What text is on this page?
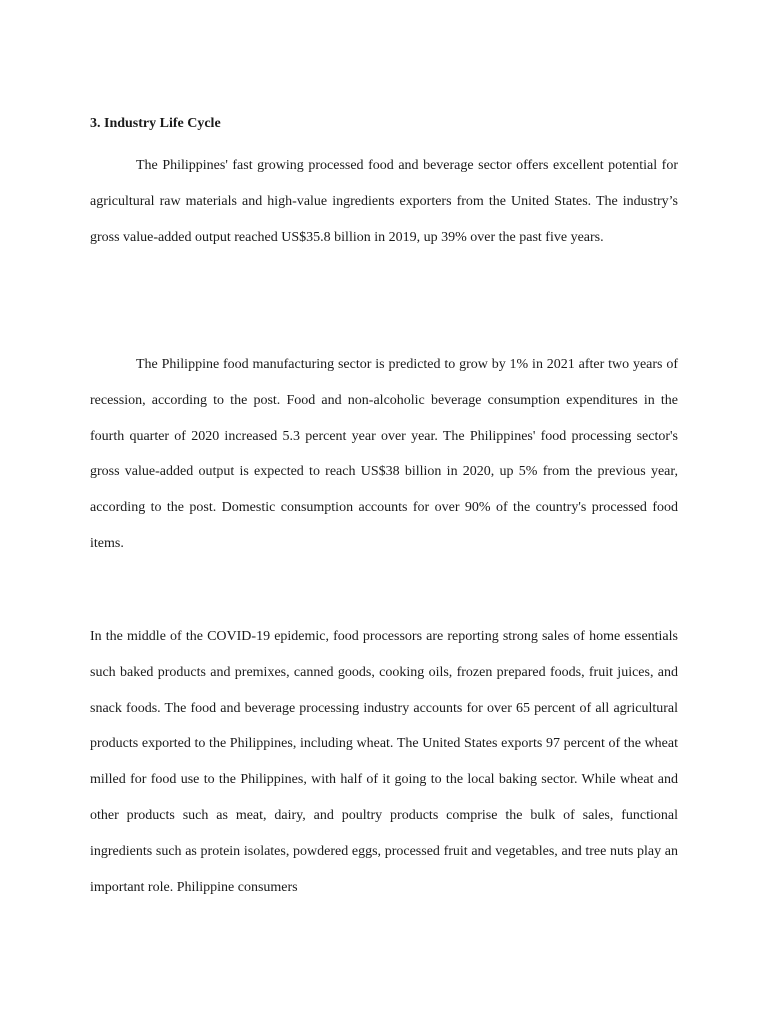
3. Industry Life Cycle

The Philippines' fast growing processed food and beverage sector offers excellent potential for agricultural raw materials and high-value ingredients exporters from the United States. The industry’s gross value-added output reached US$35.8 billion in 2019, up 39% over the past five years.

The Philippine food manufacturing sector is predicted to grow by 1% in 2021 after two years of recession, according to the post. Food and non-alcoholic beverage consumption expenditures in the fourth quarter of 2020 increased 5.3 percent year over year. The Philippines' food processing sector's gross value-added output is expected to reach US$38 billion in 2020, up 5% from the previous year, according to the post. Domestic consumption accounts for over 90% of the country's processed food items.

In the middle of the COVID-19 epidemic, food processors are reporting strong sales of home essentials such baked products and premixes, canned goods, cooking oils, frozen prepared foods, fruit juices, and snack foods. The food and beverage processing industry accounts for over 65 percent of all agricultural products exported to the Philippines, including wheat. The United States exports 97 percent of the wheat milled for food use to the Philippines, with half of it going to the local baking sector. While wheat and other products such as meat, dairy, and poultry products comprise the bulk of sales, functional ingredients such as protein isolates, powdered eggs, processed fruit and vegetables, and tree nuts play an important role. Philippine consumers
